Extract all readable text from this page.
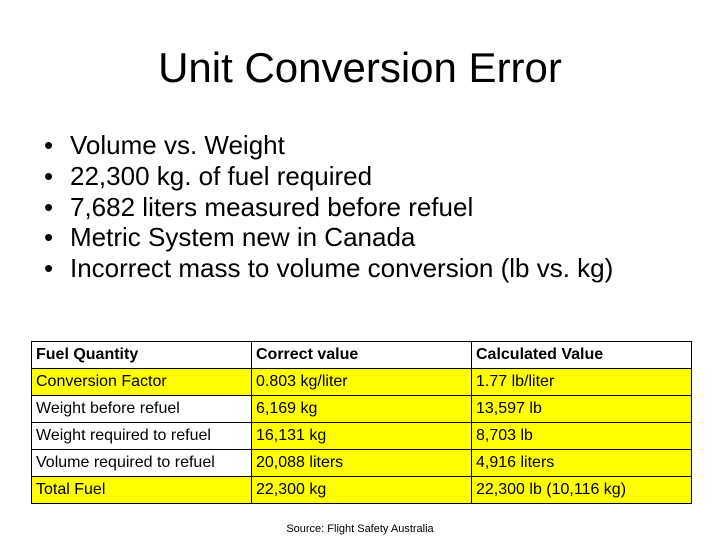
Unit Conversion Error
• Volume vs. Weight
• 22,300 kg. of fuel required
• 7,682 liters measured before refuel
• Metric System new in Canada
• Incorrect mass to volume conversion (lb vs. kg)
Fuel Quantity	Correct value	Calculated Value
Conversion Factor	0.803 kg/liter	1.77 lb/liter
Weight before refuel	6,169 kg	13,597 lb
Weight required to refuel	16,131 kg	8,703 lb
Volume required to refuel	20,088 liters	4,916 liters
Total Fuel	22,300 kg	22,300 lb (10,116 kg)
Source: Flight Safety Australia
